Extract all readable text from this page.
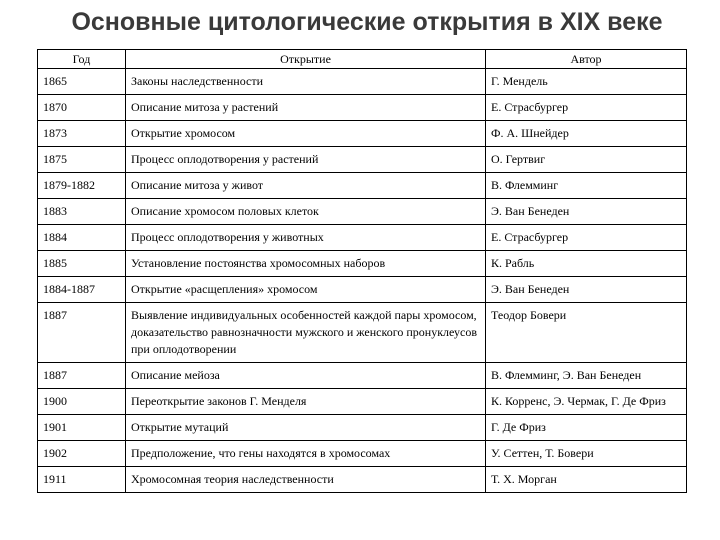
Основные цитологические открытия в XIX веке
Год	Открытие	Автор
1865	Законы наследственности	Г. Мендель
1870	Описание митоза у растений	Е. Страсбургер
1873	Открытие хромосом	Ф. А. Шнейдер
1875	Процесс оплодотворения у растений	О. Гертвиг
1879-1882	Описание митоза у живот	В. Флемминг
1883	Описание хромосом половых клеток	Э. Ван Бенеден
1884	Процесс оплодотворения у животных	Е. Страсбургер
1885	Установление постоянства хромосомных наборов	К. Рабль
1884-1887	Открытие «расщепления» хромосом	Э. Ван Бенеден
1887	Выявление индивидуальных особенностей каждой пары хромосом, доказательство равнозначности мужского и женского пронуклеусов при оплодотворении	Теодор Бовери
1887	Описание мейоза	В. Флемминг, Э. Ван Бенеден
1900	Переоткрытие законов Г. Менделя	К. Корренс, Э. Чермак, Г. Де Фриз
1901	Открытие мутаций	Г. Де Фриз
1902	Предположение, что гены находятся в хромосомах	У. Сеттен, Т. Бовери
1911	Хромосомная теория наследственности	Т. Х. Морган
